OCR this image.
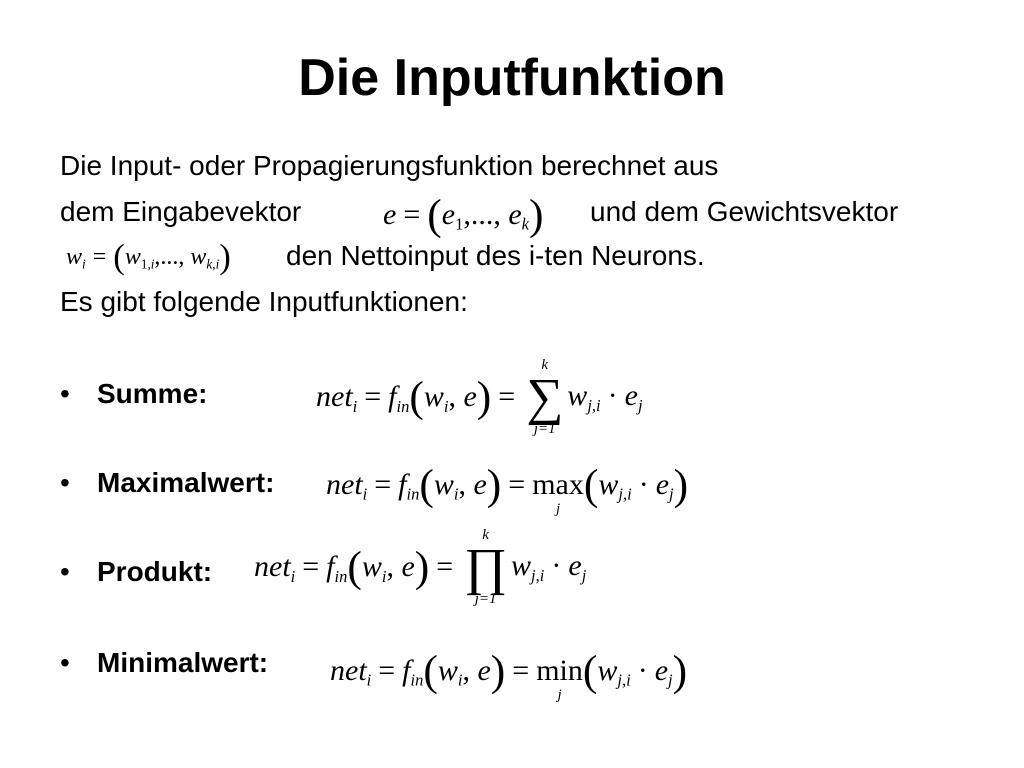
Die Inputfunktion
Die Input- oder Propagierungsfunktion berechnet aus
dem Eingabevektor	$e = (e_1$,..., $e_k$) und dem Gewichtsvektor
$w_i = (w_{1,i}$,..., $w_{k,i}$) den Nettoinput des i-ten Neurons.
Es gibt folgende Inputfunktionen:
• Summe:	$net_i = f_{in}(w_i$, e) =
k
∑
j=1
$w_{j,i} \cdot e_j$
• Maximalwert: $net_i = f_{in}(w_i$, e) = max
j $(w_{j,i} \cdot e_j)$
• Produkt: $net_i = f_{in}(w_i$, e) =
k
∏
j=1
$w_{j,i} \cdot e_j$
• Minimalwert: $net_i = f_{in}(w_i$, e) = min
j $(w_{j,i} \cdot e_j)$
